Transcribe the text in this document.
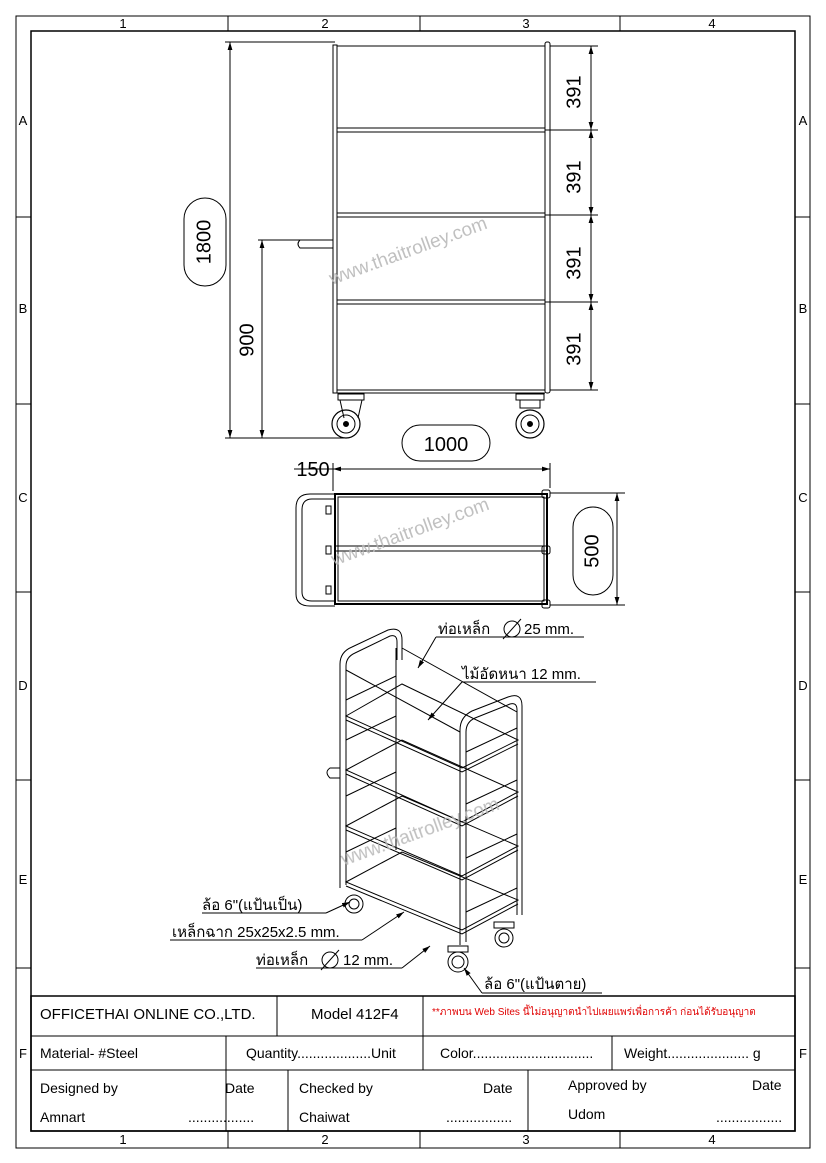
1	2	3	4
1	2	3	4
A
B
C
D
E
F
A
B
C
D
E
F
1800
900
1000
391
391
391
391
150
500
ท่อเหล็ก 25 mm.
ไม้อัดหนา 12 mm.
ล้อ 6"(แป้นเป็น)
เหล็กฉาก 25x25x2.5 mm.
ท่อเหล็ก 12 mm.
ล้อ 6"(แป้นตาย)
www.thaitrolley.com
www.thaitrolley.com
www.thaitrolley.com
OFFICETHAI ONLINE CO.,LTD.	Model 412F4	**ภาพบน Web Sites นี้ไม่อนุญาตนำไปเผยแพร่เพื่อการค้า ก่อนได้รับอนุญาต
Material- #Steel	Quantity...................Unit	Color............................... Weight..................... g
Designed by	Date
Amnart	.................
Checked by	Date
Chaiwat	.................
Approved by	Date
Udom	.................
